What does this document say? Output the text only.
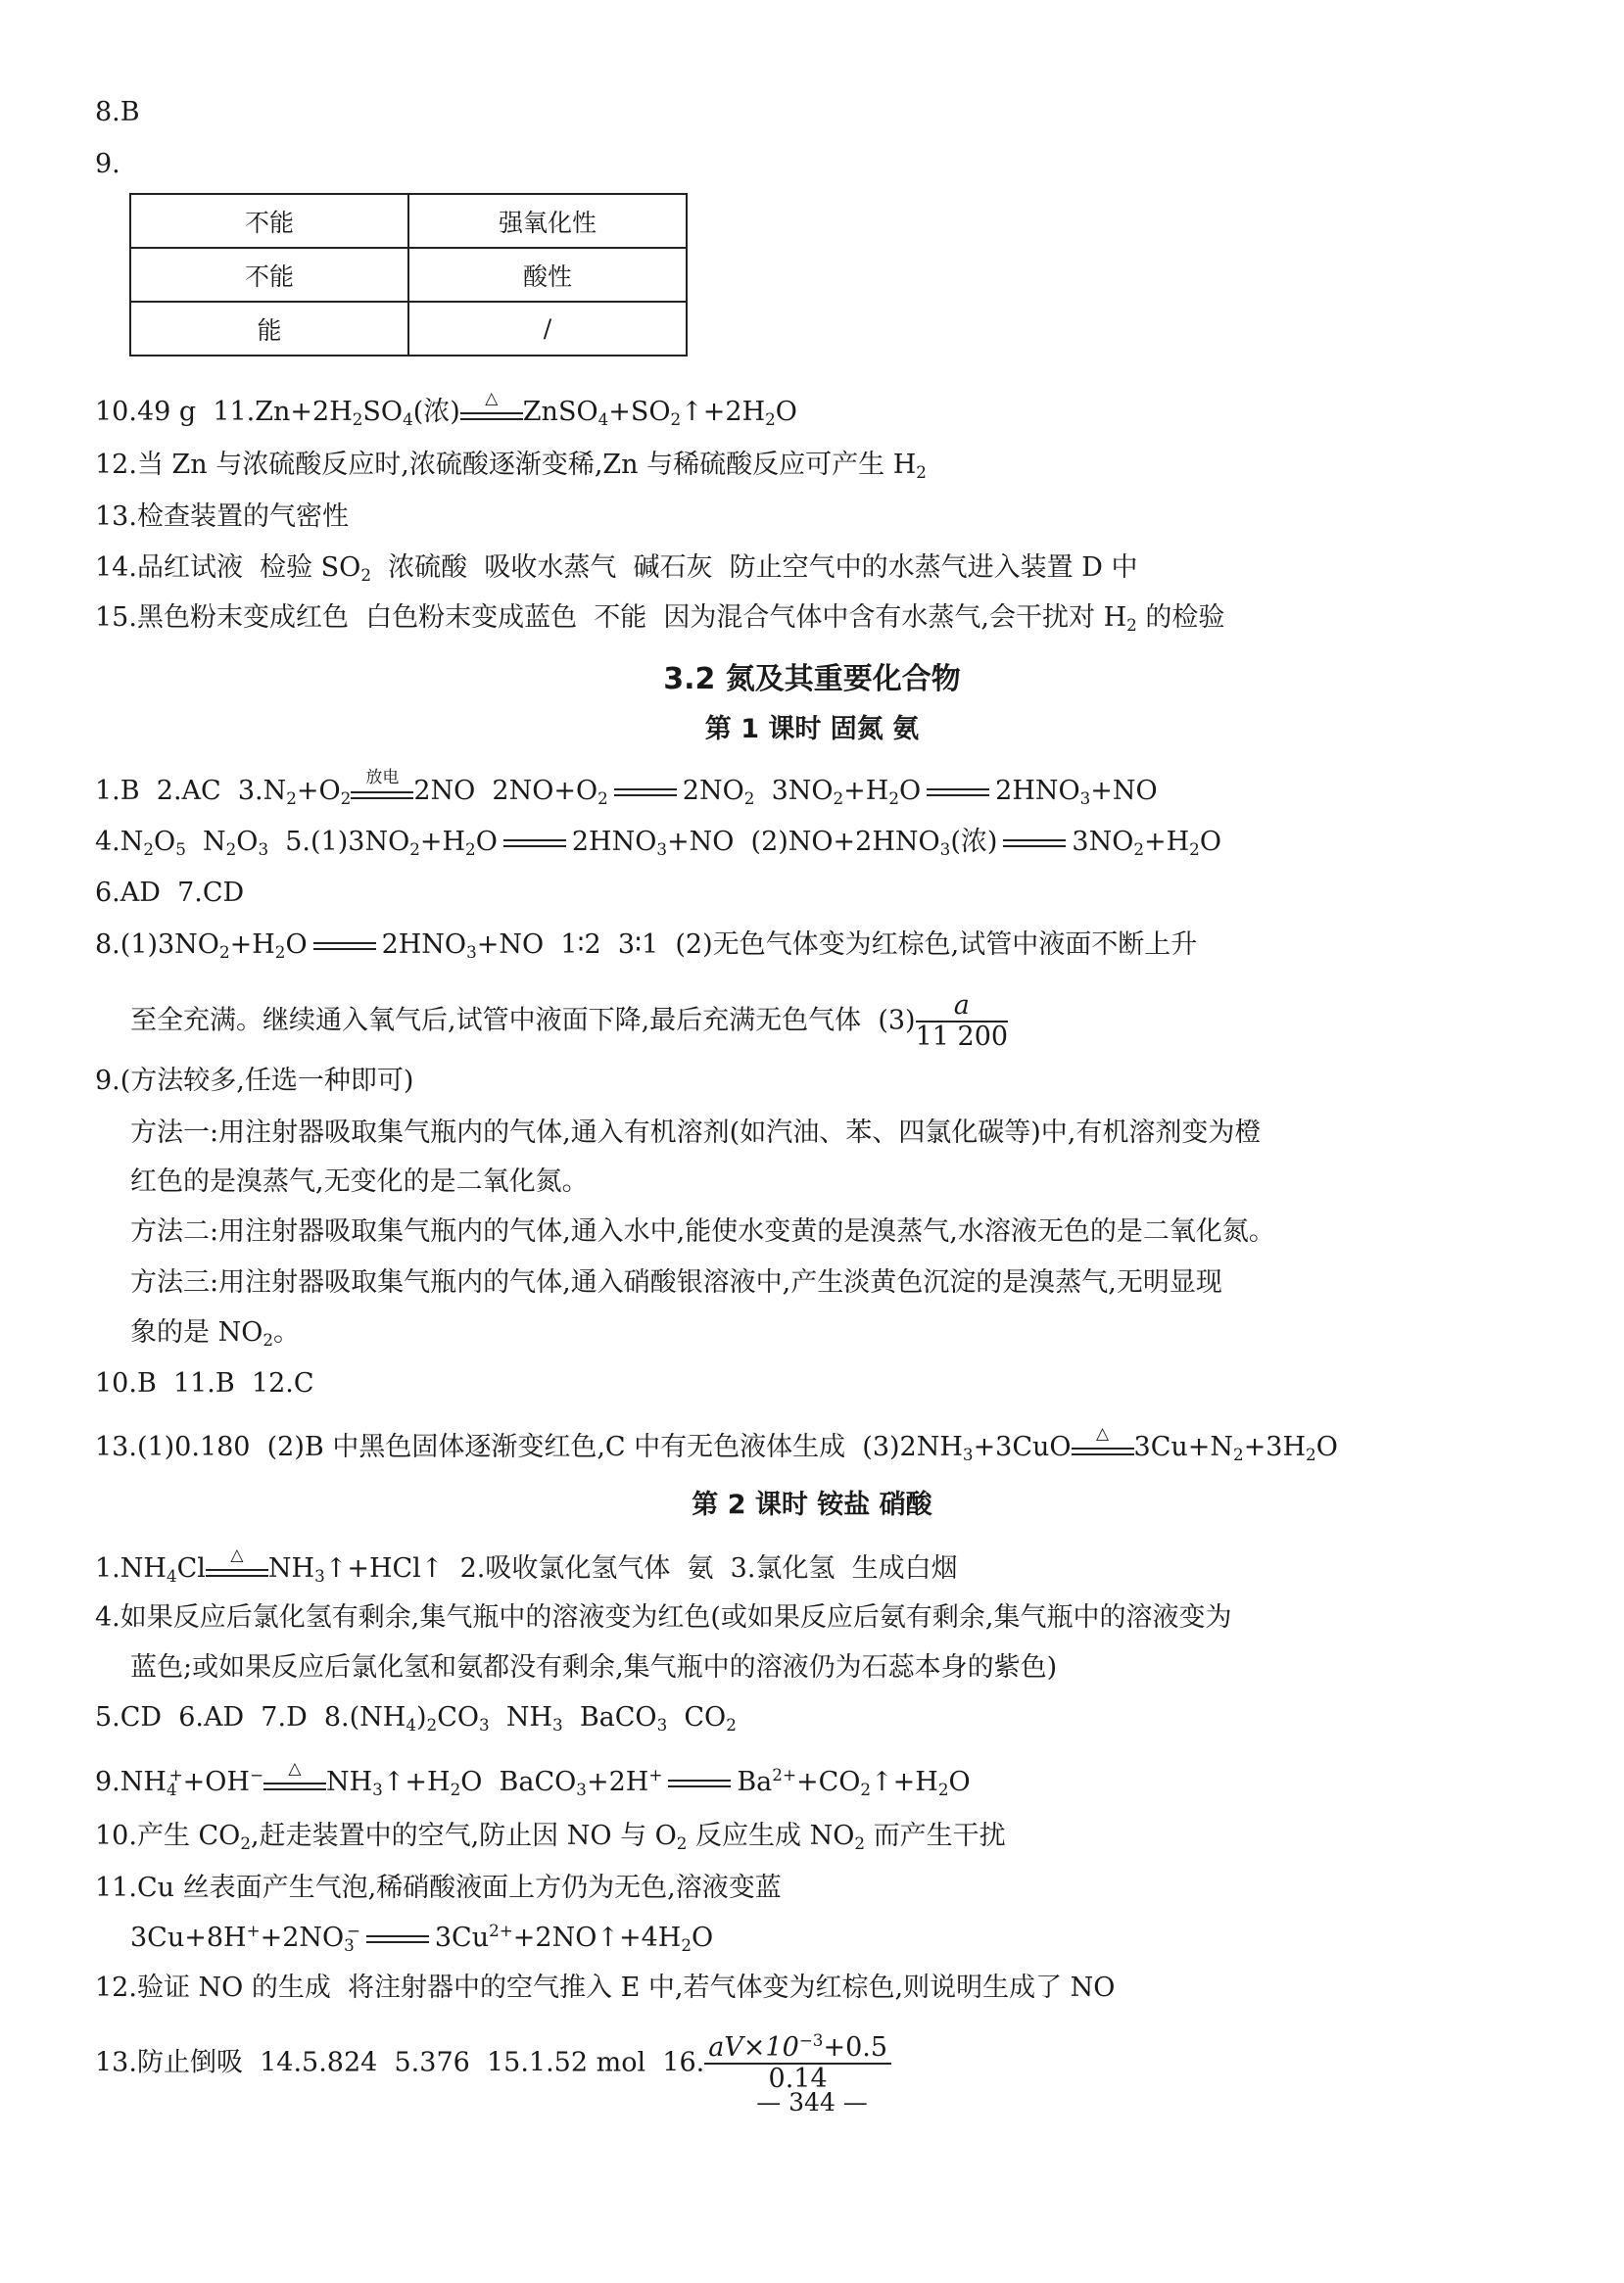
8.B
9.
不能	强氧化性
不能	酸性
能	/
10.49 g  $11.Zn+2H_2SO_4$(浓)	△ $ZnSO_4+SO_2↑+2H_2O$
12.当 Zn 与浓硫酸反应时,浓硫酸逐渐变稀,Zn 与稀硫酸反应可产生 $H_2$
13.检查装置的气密性
14.品红试液  检验 $SO_2$  浓硫酸  吸收水蒸气  碱石灰  防止空气中的水蒸气进入装置 D 中
15.黑色粉末变成红色  白色粉末变成蓝色  不能  因为混合气体中含有水蒸气,会干扰对 $H_2$ 的检验
3.2 氮及其重要化合物
第 1 课时 固氮 氨
1.B  2.AC  $3.N_2+O_2$
放电 2NO  $2NO+O_2$	$2NO_2$  $3NO_2+H_2O$	$2HNO_3+NO$
$4.N_2O_5$  $N_2O_3$  $5.(1)3NO_2+H_2O$	$2HNO_3+NO$  $(2)NO+2HNO_3$(浓)	$3NO_2+H_2O$
6.AD  7.CD
$8.(1)3NO_2+H_2O$	$2HNO_3+NO$  1∶2  3∶1  (2)无色气体变为红棕色,试管中液面不断上升
至全充满。继续通入氧气后,试管中液面下降,最后充满无色气体  $(3) \frac{a}{11 200}$
9.(方法较多,任选一种即可)
方法一:用注射器吸取集气瓶内的气体,通入有机溶剂(如汽油、苯、四氯化碳等)中,有机溶剂变为橙
红色的是溴蒸气,无变化的是二氧化氮。
方法二:用注射器吸取集气瓶内的气体,通入水中,能使水变黄的是溴蒸气,水溶液无色的是二氧化氮。
方法三:用注射器吸取集气瓶内的气体,通入硝酸银溶液中,产生淡黄色沉淀的是溴蒸气,无明显现
象的是 $NO_2$。
10.B  11.B  12.C
13.(1)0.180  (2)B 中黑色固体逐渐变红色,C 中有无色液体生成  $(3)2NH_3+3CuO$	△ $3Cu+N_2+3H_2O$
第 2 课时 铵盐 硝酸
$1.NH_4Cl$	△ $NH_3↑+HCl↑$  2.吸收氯化氢气体  氨  3.氯化氢  生成白烟
4.如果反应后氯化氢有剩余,集气瓶中的溶液变为红色(或如果反应后氨有剩余,集气瓶中的溶液变为
蓝色;或如果反应后氯化氢和氨都没有剩余,集气瓶中的溶液仍为石蕊本身的紫色)
5.CD  6.AD  7.D  $8.(NH_4)_2CO_3$  $NH_3$  BaCO$_3$  $CO_2$
$9.NH_4^++OH^-$	△ $NH_3↑+H_2O$  BaCO$_3$+2H+	$Ba^{2+}+CO_2↑+H_2O$
10.产生 $CO_2$,赶走装置中的空气,防止因 NO 与 $O_2$ 反应生成 $NO_2$ 而产生干扰
11.Cu 丝表面产生气泡,稀硝酸液面上方仍为无色,溶液变蓝
$3Cu+8H^++2NO_3^-$	$3Cu^{2+}+2NO↑+4H_2O$
12.验证 NO 的生成  将注射器中的空气推入 E 中,若气体变为红棕色,则说明生成了 NO
13.防止倒吸  14.5.824  5.376  15.1.52 mol  16. $\frac{aV\times 10^{-3}+0.5}{0.14}$
— 344 —
